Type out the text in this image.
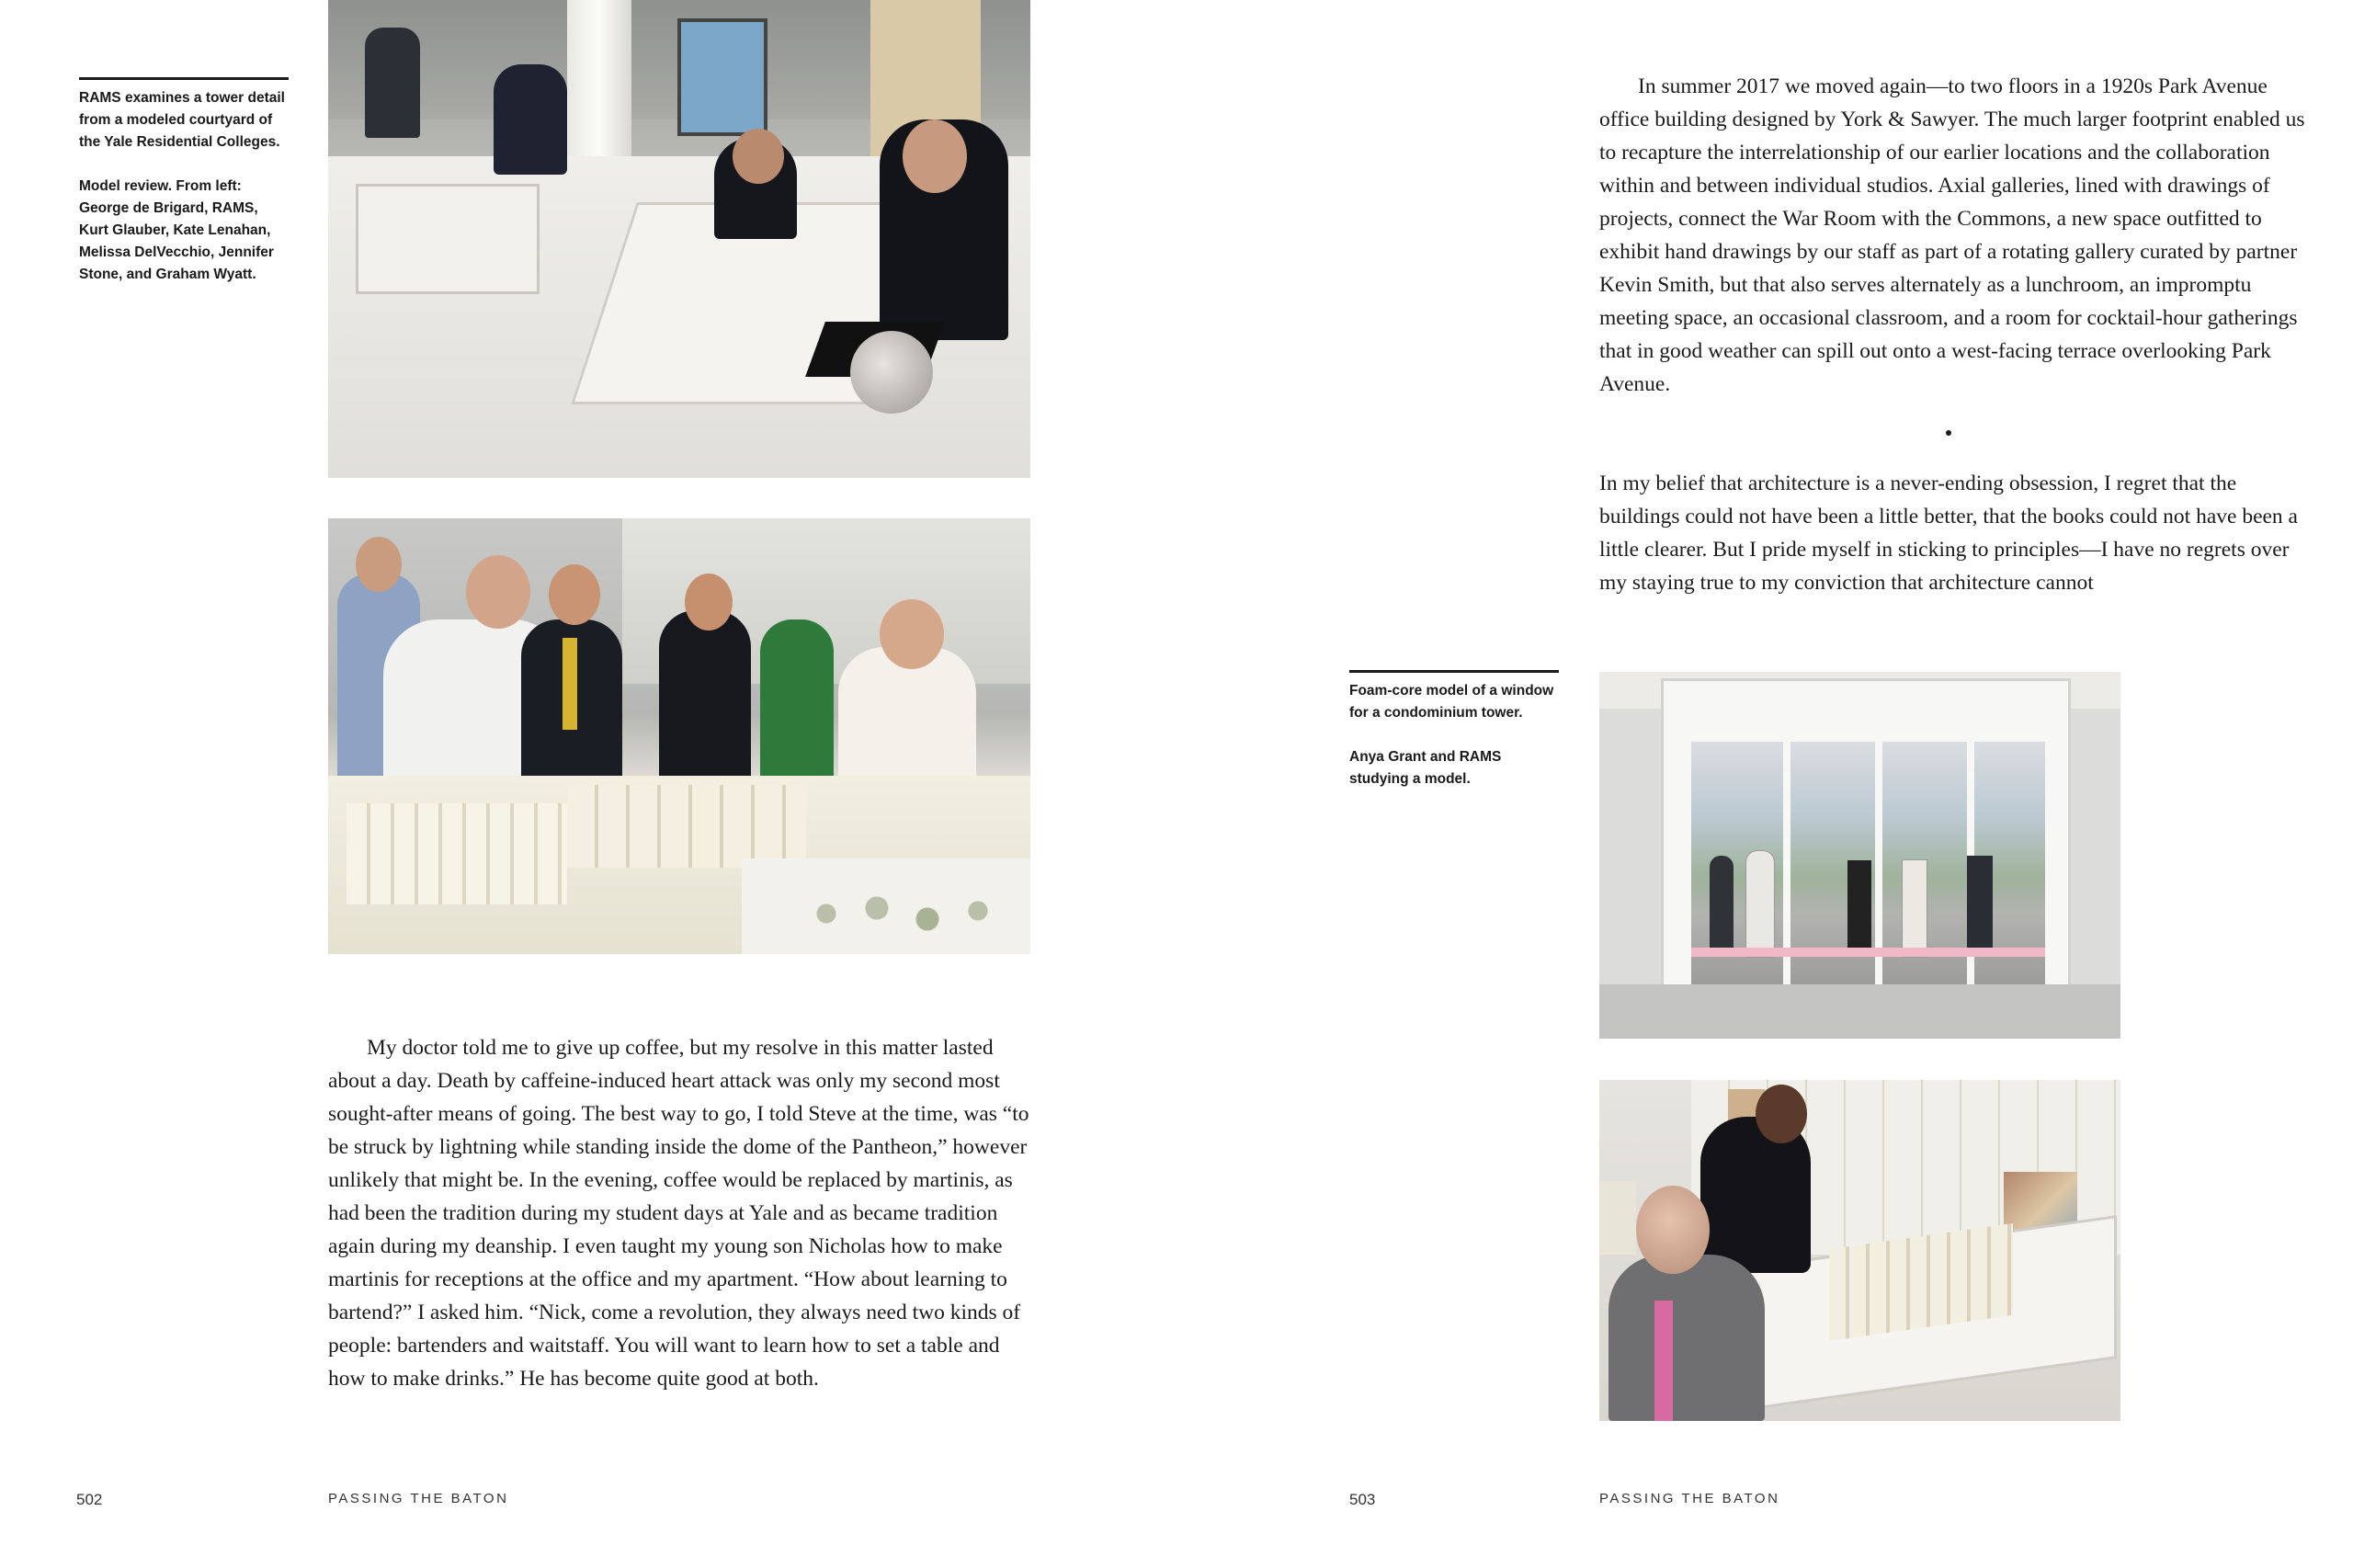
RAMS examines a tower detail from a modeled courtyard of the Yale Residential Colleges.

Model review. From left: George de Brigard, RAMS, Kurt Glauber, Kate Lenahan, Melissa DelVecchio, Jennifer Stone, and Graham Wyatt.

My doctor told me to give up coffee, but my resolve in this matter lasted about a day. Death by caffeine-induced heart attack was only my second most sought-after means of going. The best way to go, I told Steve at the time, was “to be struck by lightning while standing inside the dome of the Pantheon,” however unlikely that might be. In the evening, coffee would be replaced by martinis, as had been the tradition during my student days at Yale and as became tradition again during my deanship. I even taught my young son Nicholas how to make martinis for receptions at the office and my apartment. “How about learning to bartend?” I asked him. “Nick, come a revolution, they always need two kinds of people: bartenders and waitstaff. You will want to learn how to set a table and how to make drinks.” He has become quite good at both.

502	PASSING THE BATON

In summer 2017 we moved again—to two floors in a 1920s Park Avenue office building designed by York & Sawyer. The much larger footprint enabled us to recapture the interrelationship of our earlier locations and the collaboration within and between individual studios. Axial galleries, lined with drawings of projects, connect the War Room with the Commons, a new space outfitted to exhibit hand drawings by our staff as part of a rotating gallery curated by partner Kevin Smith, but that also serves alternately as a lunchroom, an impromptu meeting space, an occasional classroom, and a room for cocktail-hour gatherings that in good weather can spill out onto a west-facing terrace overlooking Park Avenue.

In my belief that architecture is a never-ending obsession, I regret that the buildings could not have been a little better, that the books could not have been a little clearer. But I pride myself in sticking to principles—I have no regrets over my staying true to my conviction that architecture cannot

Foam-core model of a window for a condominium tower.

Anya Grant and RAMS studying a model.

503	PASSING THE BATON
